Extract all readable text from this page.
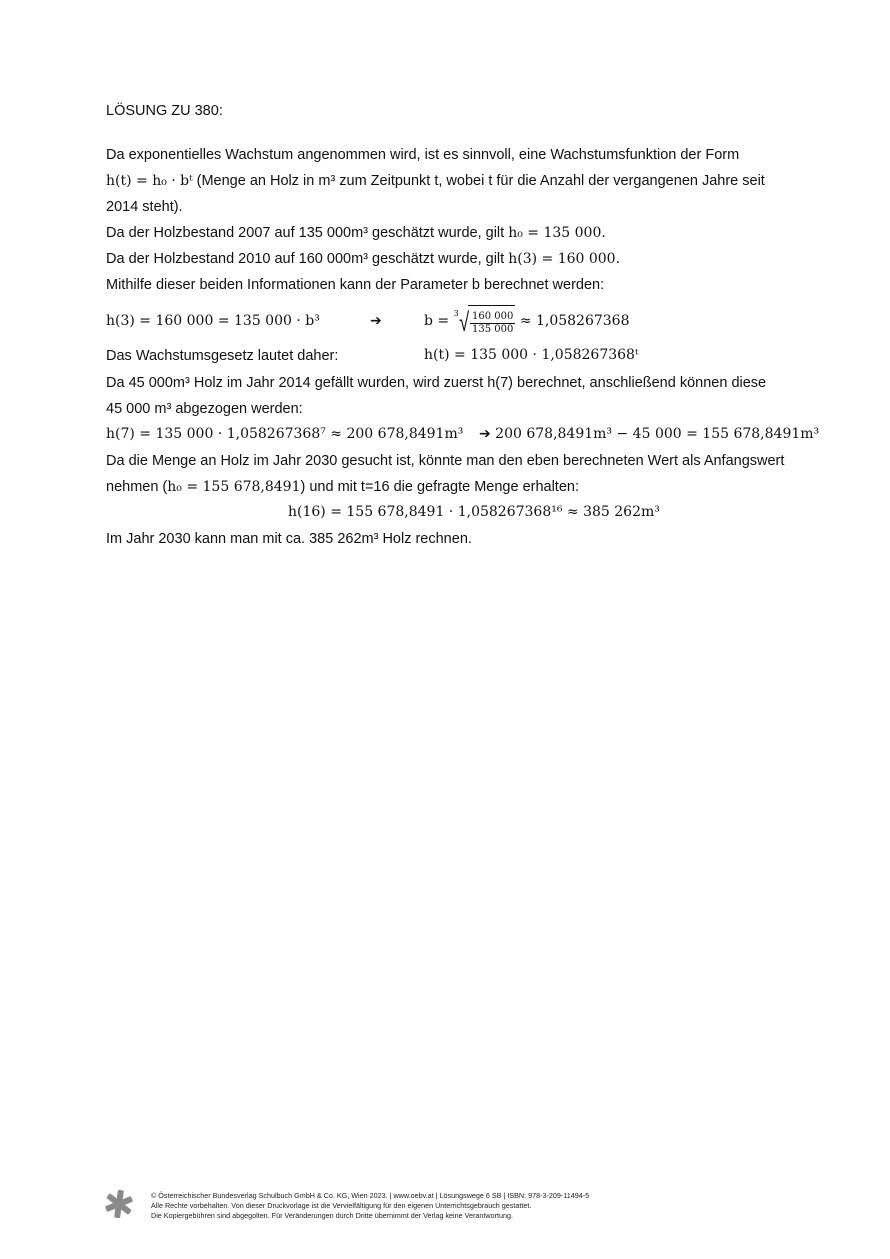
LÖSUNG ZU 380:
Da exponentielles Wachstum angenommen wird, ist es sinnvoll, eine Wachstumsfunktion der Form
h(t) = h₀ · bᵗ (Menge an Holz in m³ zum Zeitpunkt t, wobei t für die Anzahl der vergangenen Jahre seit
2014 steht).
Da der Holzbestand 2007 auf 135 000m³ geschätzt wurde, gilt h₀ = 135 000.
Da der Holzbestand 2010 auf 160 000m³ geschätzt wurde, gilt h(3) = 160 000.
Mithilfe dieser beiden Informationen kann der Parameter b berechnet werden:
h(3) = 160 000 = 135 000 · b³	➔	b = 3 √ $\frac{160 000}{135 000} \approx 1,058267368$
Das Wachstumsgesetz lautet daher:	h(t) = 135 000 · 1,058267368ᵗ
Da 45 000m³ Holz im Jahr 2014 gefällt wurden, wird zuerst h(7) berechnet, anschließend können diese
45 000 m³ abgezogen werden:
h(7) = 135 000 · 1,058267368⁷ ≈ 200 678,8491m³ ➔ 200 678,8491m³ − 45 000 = 155 678,8491m³
Da die Menge an Holz im Jahr 2030 gesucht ist, könnte man den eben berechneten Wert als Anfangswert
nehmen (h₀ = 155 678,8491) und mit t=16 die gefragte Menge erhalten:
h(16) = 155 678,8491 · 1,058267368¹⁶ ≈ 385 262m³
Im Jahr 2030 kann man mit ca. 385 262m³ Holz rechnen.
© Österreichischer Bundesverlag Schulbuch GmbH & Co. KG, Wien 2023. | www.oebv.at | Lösungswege 6 SB | ISBN: 978-3-209-11494-5
Alle Rechte vorbehalten. Von dieser Druckvorlage ist die Vervielfältigung für den eigenen Unterrichtsgebrauch gestattet.
Die Kopiergebühren sind abgegolten. Für Veränderungen durch Dritte übernimmt der Verlag keine Verantwortung.
